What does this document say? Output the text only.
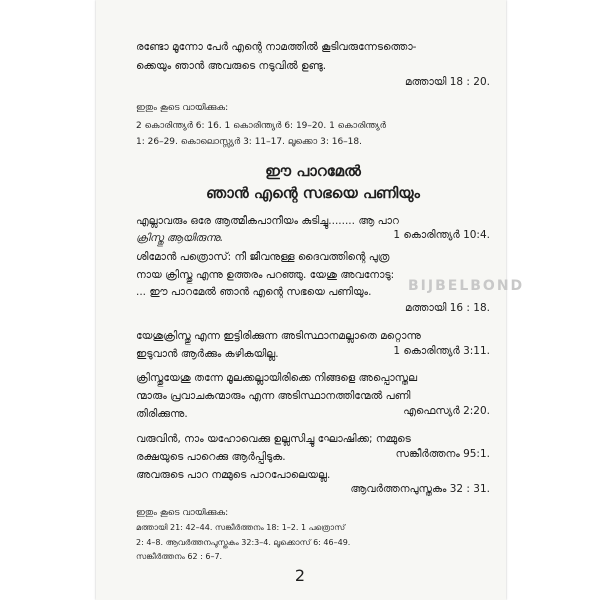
രണ്ടോ മൂന്നോ പേർ എന്റെ നാമത്തിൽ കൂടിവരുന്നേടത്തൊ-
ക്കെയും ഞാൻ അവരുടെ നടുവിൽ ഉണ്ടു.
മത്തായി 18 : 20.
ഇതും കൂടെ വായിക്കുക:
2 കൊരിന്ത്യർ 6: 16. 1 കൊരിന്ത്യർ 6: 19–20. 1 കൊരിന്ത്യർ
1: 26–29. കൊലൊസ്സ്യർ 3: 11–17. ലൂക്കൊ 3: 16–18.
ഈ പാറമേൽ
ഞാൻ എന്റെ സഭയെ പണിയും
എല്ലാവരും ഒരേ ആത്മീകപാനീയം കുടിച്ചു........ ആ പാറ
ക്രിസ്തു ആയിരുന്നു.	1 കൊരിന്ത്യർ 10:4.
ശിമോൻ പത്രൊസ്: നീ ജീവനുള്ള ദൈവത്തിന്റെ പുത്ര
നായ ക്രിസ്തു എന്നു ഉത്തരം പറഞ്ഞു. യേശു അവനോടു:
... ഈ പാറമേൽ ഞാൻ എന്റെ സഭയെ പണിയും.
മത്തായി 16 : 18.
യേശുക്രിസ്തു എന്ന ഇട്ടിരിക്കുന്ന അടിസ്ഥാനമല്ലാതെ മറ്റൊന്നു
ഇടുവാൻ ആർക്കും കഴികയില്ല.	1 കൊരിന്ത്യർ 3:11.
ക്രിസ്തുയേശു തന്നേ മൂലക്കല്ലായിരിക്കെ നിങ്ങളെ അപ്പൊസ്തല
ന്മാരും പ്രവാചകന്മാരും എന്ന അടിസ്ഥാനത്തിന്മേൽ പണി
തിരിക്കുന്നു.	എഫെസ്യർ 2:20.
വരുവിൻ, നാം യഹോവെക്കു ഉല്ലസിച്ചു ഘോഷിക്ക; നമ്മുടെ
രക്ഷയുടെ പാറെക്കു ആർപ്പിടുക.	സങ്കീർത്തനം 95:1.
അവരുടെ പാറ നമ്മുടെ പാറപോലെയല്ല.
ആവർത്തനപുസ്തകം 32 : 31.
ഇതും കൂടെ വായിക്കുക:
മത്തായി 21: 42–44. സങ്കീർത്തനം 18: 1–2. 1 പത്രൊസ്
2: 4–8. ആവർത്തനപുസ്തകം 32:3–4. ലൂക്കൊസ് 6: 46–49.
സങ്കീർത്തനം 62 : 6–7.
BIJBELBOND
2
